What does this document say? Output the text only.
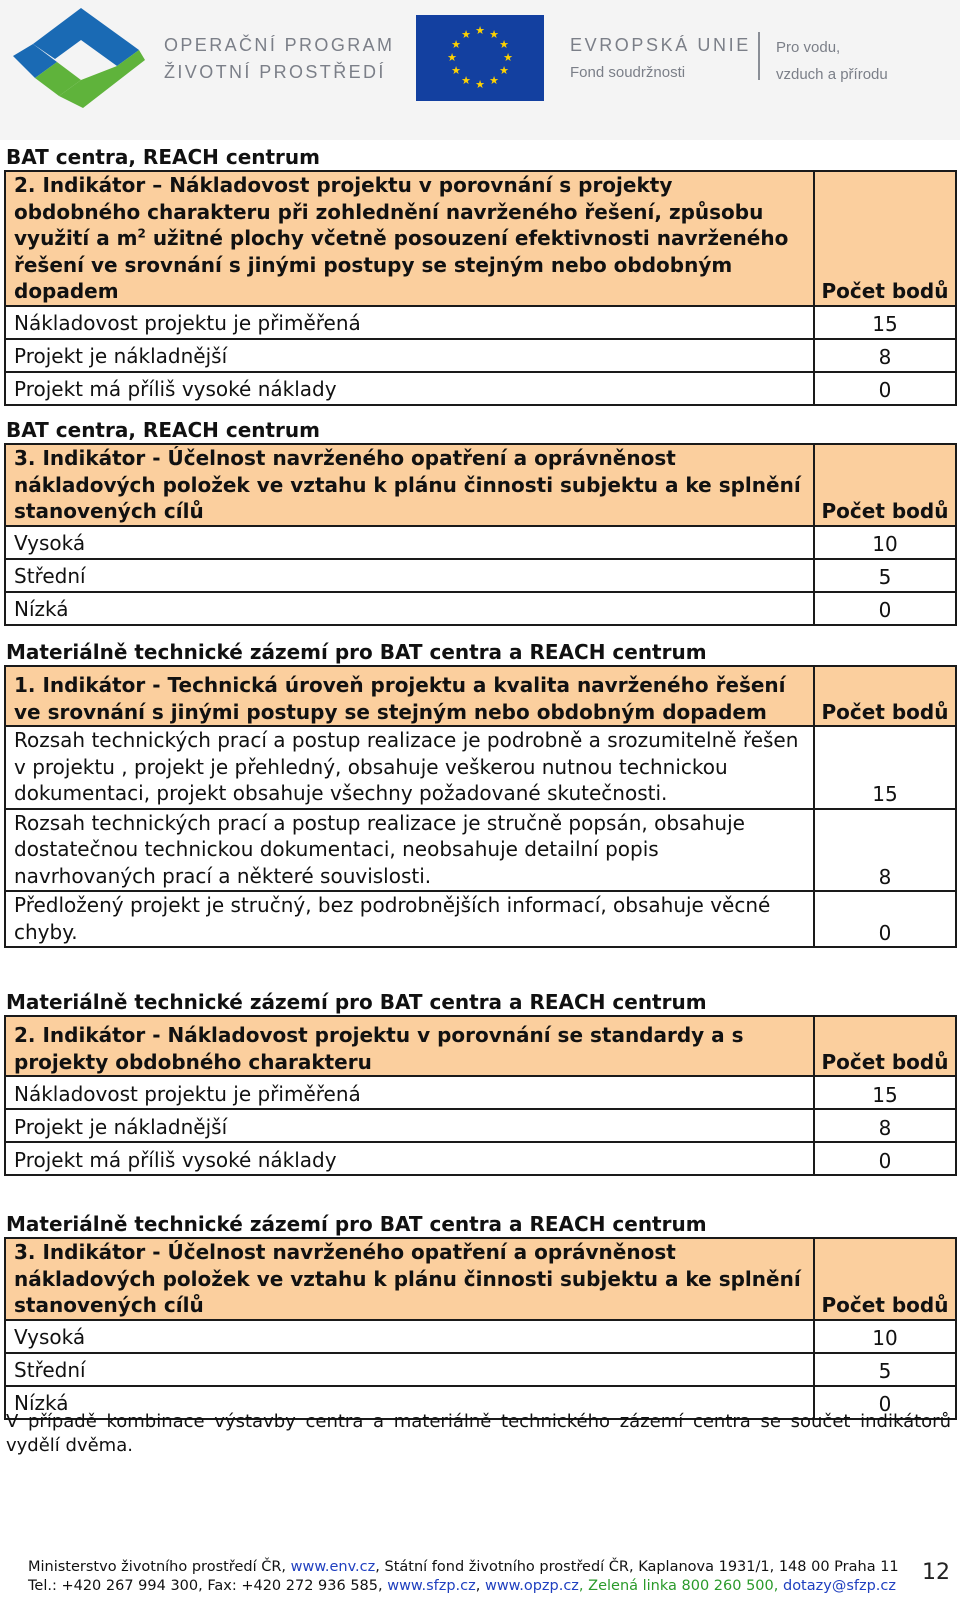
OPERAČNÍ PROGRAM
ŽIVOTNÍ PROSTŘEDÍ
★ ★
★
★
★
★
★
★
★
★
★
★
EVROPSKÁ UNIE
Fond soudržnosti
Pro vodu,
vzduch a přírodu
BAT centra, REACH centrum
2. Indikátor – Nákladovost projektu v porovnání s projekty obdobného charakteru při zohlednění navrženého řešení, způsobu využití a $m^2$ užitné plochy včetně posouzení efektivnosti navrženého řešení ve srovnání s jinými postupy se stejným nebo obdobným dopadem	Počet bodů
Nákladovost projektu je přiměřená	15
Projekt je nákladnější	8
Projekt má příliš vysoké náklady	0
BAT centra, REACH centrum
3. Indikátor - Účelnost navrženého opatření a oprávněnost nákladových položek ve vztahu k plánu činnosti subjektu a ke splnění stanovených cílů	Počet bodů
Vysoká	10
Střední	5
Nízká	0
Materiálně technické zázemí pro BAT centra a REACH centrum
1. Indikátor - Technická úroveň projektu a kvalita navrženého řešení ve srovnání s jinými postupy se stejným nebo obdobným dopadem	Počet bodů
Rozsah technických prací a postup realizace je podrobně a srozumitelně řešen v projektu , projekt je přehledný, obsahuje veškerou nutnou technickou dokumentaci, projekt obsahuje všechny požadované skutečnosti.	15
Rozsah technických prací a postup realizace je stručně popsán, obsahuje dostatečnou technickou dokumentaci, neobsahuje detailní popis navrhovaných prací a některé souvislosti.	8
Předložený projekt je stručný, bez podrobnějších informací, obsahuje věcné chyby.	0
Materiálně technické zázemí pro BAT centra a REACH centrum
2. Indikátor - Nákladovost projektu v porovnání se standardy a s projekty obdobného charakteru	Počet bodů
Nákladovost projektu je přiměřená	15
Projekt je nákladnější	8
Projekt má příliš vysoké náklady	0
Materiálně technické zázemí pro BAT centra a REACH centrum
3. Indikátor - Účelnost navrženého opatření a oprávněnost nákladových položek ve vztahu k plánu činnosti subjektu a ke splnění stanovených cílů	Počet bodů
Vysoká	10
Střední	5
Nízká	0
V případě kombinace výstavby centra a materiálně technického zázemí centra se součet indikátorů vydělí dvěma.
Ministerstvo životního prostředí ČR, www.env.cz, Státní fond životního prostředí ČR, Kaplanova 1931/1, 148 00 Praha 11
Tel.: +420 267 994 300, Fax: +420 272 936 585, www.sfzp.cz, www.opzp.cz, Zelená linka 800 260 500, dotazy@sfzp.cz
12
